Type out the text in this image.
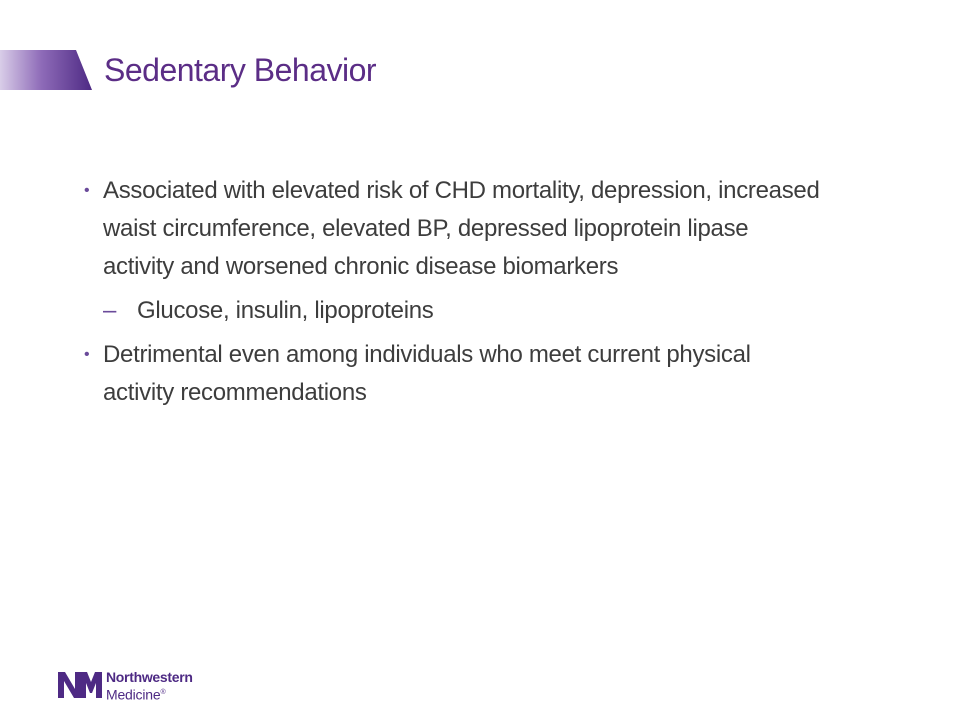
Sedentary Behavior
• Associated with elevated risk of CHD mortality, depression, increased waist circumference, elevated BP, depressed lipoprotein lipase activity and worsened chronic disease biomarkers
– Glucose, insulin, lipoproteins
• Detrimental even among individuals who meet current physical activity recommendations
Northwestern
Medicine®
